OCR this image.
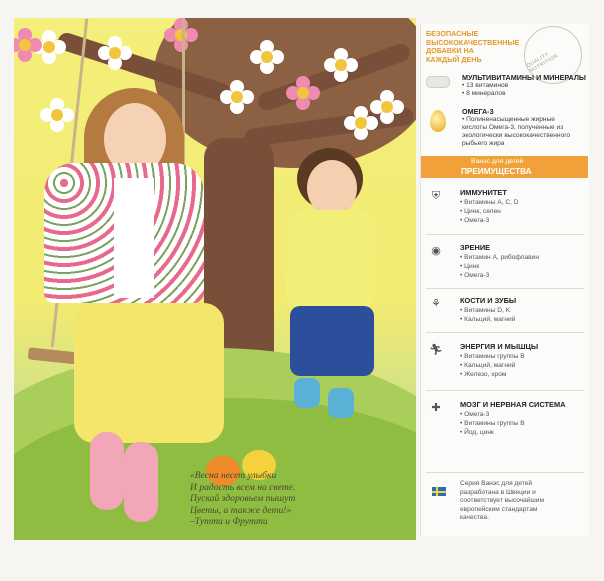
«Весна несет улыбки
И радость всем на свете.
Пускай здоровьем пышут
Цветы, а также дети!»
–Тутти и Фрутти
БЕЗОПАСНЫЕ
ВЫСОКОКАЧЕСТВЕННЫЕ
ДОБАВКИ НА
КАЖДЫЙ ДЕНЬ	QUALITY NUTRITION
МУЛЬТИВИТАМИНЫ И МИНЕРАЛЫ
• 13 витаминов
• 8 минералов
ОМЕГА-3
• Полиненасыщенные жирные
кислоты Омега-3, полученные из
экологически высококачественного
рыбьего жира
Ванэс для детей
ПРЕИМУЩЕСТВА
⛨	ИММУНИТЕТ
• Витамины A, C, D
• Цинк, селен
• Омега-3
◉	ЗРЕНИЕ
• Витамин A, рибофлавин
• Цинк
• Омега-3
⚘	КОСТИ И ЗУБЫ
• Витамины D, K
• Кальций, магний
🏃︎ ЭНЕРГИЯ И МЫШЦЫ
• Витамины группы B
• Кальций, магний
• Железо, хром
✚	МОЗГ И НЕРВНАЯ СИСТЕМА
• Омега-3
• Витамины группы B
• Йод, цинк
Серия Ванэс для детей
разработана в Швеции и
соответствует высочайшим
европейским стандартам
качества.
